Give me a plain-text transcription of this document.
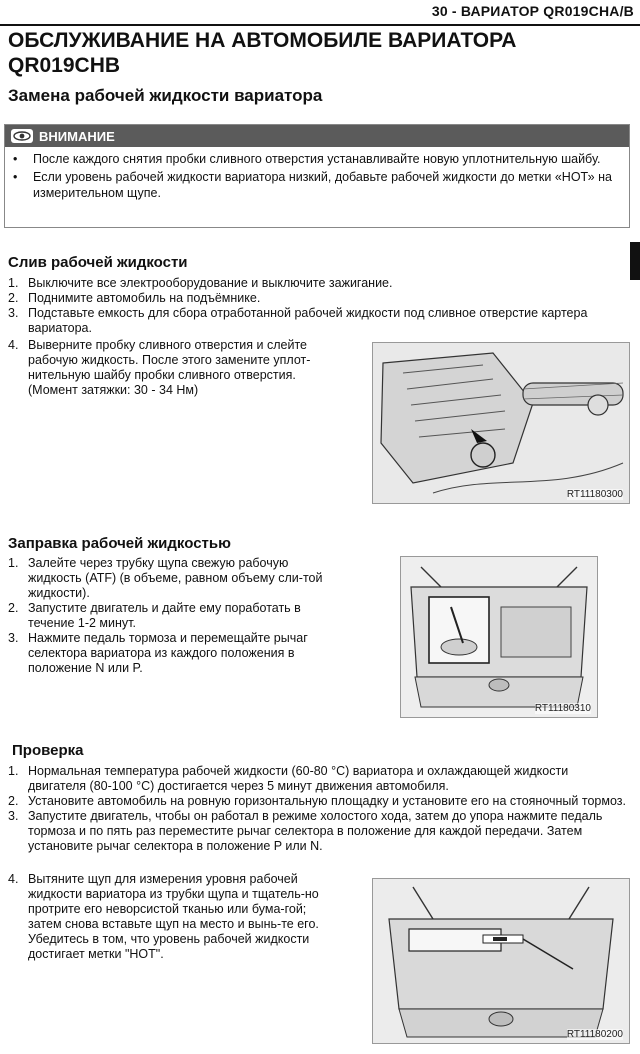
30 - ВАРИАТОР QR019CHA/B
ОБСЛУЖИВАНИЕ НА АВТОМОБИЛЕ ВАРИАТОРА QR019CHB
Замена рабочей жидкости вариатора
ВНИМАНИЕ
• После каждого снятия пробки сливного отверстия устанавливайте новую уплотнительную шайбу.
• Если уровень рабочей жидкости вариатора низкий, добавьте рабочей жидкости до метки «НОТ» на измерительном щупе.
Слив рабочей жидкости
1. Выключите все электрооборудование и выключите зажигание.
2. Поднимите автомобиль на подъёмнике.
3. Подставьте емкость для сбора отработанной рабочей жидкости под сливное отверстие картера вариатора.
4. Выверните пробку сливного отверстия и слейте рабочую жидкость. После этого замените уплот-нительную шайбу пробки сливного отверстия. (Момент затяжки: 30 - 34 Нм)
RT11180300
Заправка рабочей жидкостью
1. Залейте через трубку щупа свежую рабочую жидкость (ATF) (в объеме, равном объему сли-той жидкости).
2. Запустите двигатель и дайте ему поработать в течение 1-2 минут.
3. Нажмите педаль тормоза и перемещайте рычаг селектора вариатора из каждого положения в положение N или P.
RT11180310
Проверка
1. Нормальная температура рабочей жидкости (60-80 °С) вариатора и охлаждающей жидкости двигателя (80-100 °С) достигается через 5 минут движения автомобиля.
2. Установите автомобиль на ровную горизонтальную площадку и установите его на стояночный тормоз.
3. Запустите двигатель, чтобы он работал в режиме холостого хода, затем до упора нажмите педаль тормоза и по пять раз переместите рычаг селектора в положение для каждой передачи. Затем установите рычаг селектора в положение P или N.
4. Вытяните щуп для измерения уровня рабочей жидкости вариатора из трубки щупа и тщатель-но протрите его неворсистой тканью или бума-гой; затем снова вставьте щуп на место и вынь-те его. Убедитесь в том, что уровень рабочей жидкости достигает метки "НОТ".
RT11180200
